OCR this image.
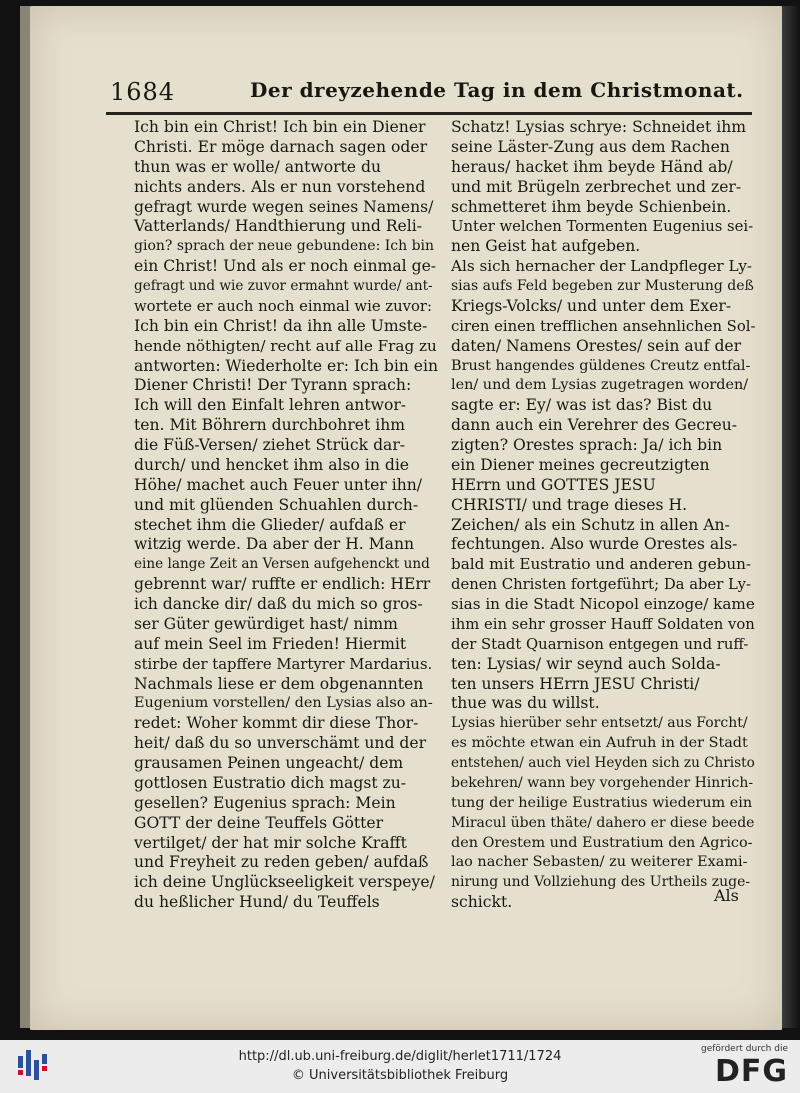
1684	Der dreyzehende Tag in dem Christmonat.
Ich bin ein Christ! Ich bin ein Diener
Christi. Er möge darnach sagen oder
thun was er wolle/ antworte du
nichts anders. Als er nun vorstehend
gefragt wurde wegen seines Namens/
Vatterlands/ Handthierung und Reli-
gion? sprach der neue gebundene: Ich bin
ein Christ! Und als er noch einmal ge-
gefragt und wie zuvor ermahnt wurde/ ant-
wortete er auch noch einmal wie zuvor:
Ich bin ein Christ! da ihn alle Umste-
hende nöthigten/ recht auf alle Frag zu
antworten: Wiederholte er: Ich bin ein
Diener Christi! Der Tyrann sprach:
Ich will den Einfalt lehren antwor-
ten. Mit Böhrern durchbohret ihm
die Füß-Versen/ ziehet Strück dar-
durch/ und hencket ihm also in die
Höhe/ machet auch Feuer unter ihn/
und mit glüenden Schuahlen durch-
stechet ihm die Glieder/ aufdaß er
witzig werde. Da aber der H. Mann
eine lange Zeit an Versen aufgehenckt und
gebrennt war/ ruffte er endlich: HErr
ich dancke dir/ daß du mich so gros-
ser Güter gewürdiget hast/ nimm
auf mein Seel im Frieden! Hiermit
stirbe der tapffere Martyrer Mardarius.
Nachmals liese er dem obgenannten
Eugenium vorstellen/ den Lysias also an-
redet: Woher kommt dir diese Thor-
heit/ daß du so unverschämt und der
grausamen Peinen ungeacht/ dem
gottlosen Eustratio dich magst zu-
gesellen? Eugenius sprach: Mein
GOTT der deine Teuffels Götter
vertilget/ der hat mir solche Krafft
und Freyheit zu reden geben/ aufdaß
ich deine Unglückseeligkeit verspeye/
du heßlicher Hund/ du Teuffels
Schatz! Lysias schrye: Schneidet ihm
seine Läster-Zung aus dem Rachen
heraus/ hacket ihm beyde Händ ab/
und mit Brügeln zerbrechet und zer-
schmetteret ihm beyde Schienbein.
Unter welchen Tormenten Eugenius sei-
nen Geist hat aufgeben.
Als sich hernacher der Landpfleger Ly-
sias aufs Feld begeben zur Musterung deß
Kriegs-Volcks/ und unter dem Exer-
ciren einen trefflichen ansehnlichen Sol-
daten/ Namens Orestes/ sein auf der
Brust hangendes güldenes Creutz entfal-
len/ und dem Lysias zugetragen worden/
sagte er: Ey/ was ist das? Bist du
dann auch ein Verehrer des Gecreu-
zigten? Orestes sprach: Ja/ ich bin
ein Diener meines gecreutzigten
HErrn und GOTTES JESU
CHRISTI/ und trage dieses H.
Zeichen/ als ein Schutz in allen An-
fechtungen. Also wurde Orestes als-
bald mit Eustratio und anderen gebun-
denen Christen fortgeführt; Da aber Ly-
sias in die Stadt Nicopol einzoge/ kame
ihm ein sehr grosser Hauff Soldaten von
der Stadt Quarnison entgegen und ruff-
ten: Lysias/ wir seynd auch Solda-
ten unsers HErrn JESU Christi/
thue was du willst.
Lysias hierüber sehr entsetzt/ aus Forcht/
es möchte etwan ein Aufruh in der Stadt
entstehen/ auch viel Heyden sich zu Christo
bekehren/ wann bey vorgehender Hinrich-
tung der heilige Eustratius wiederum ein
Miracul üben thäte/ dahero er diese beede
den Orestem und Eustratium den Agrico-
lao nacher Sebasten/ zu weiterer Exami-
nirung und Vollziehung des Urtheils zuge-
schickt.	Als
http://dl.ub.uni-freiburg.de/diglit/herlet1711/1724
© Universitätsbibliothek Freiburg
gefördert durch die
DFG
